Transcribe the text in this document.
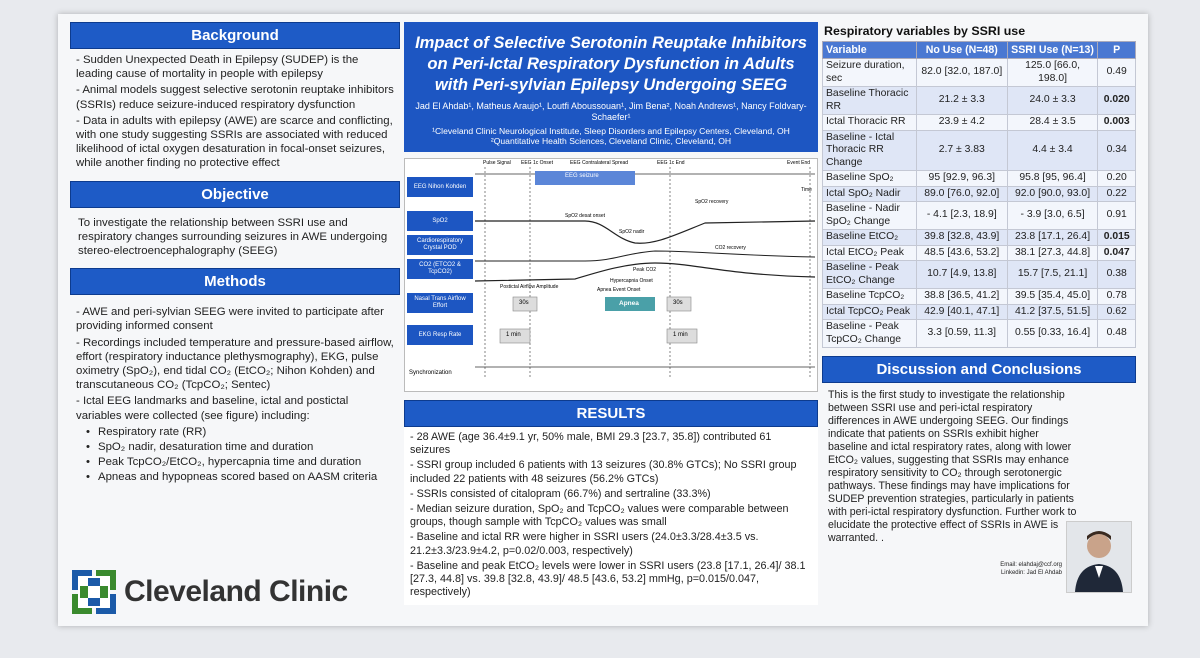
Background

- Sudden Unexpected Death in Epilepsy (SUDEP) is the leading cause of mortality in people with epilepsy

- Animal models suggest selective serotonin reuptake inhibitors (SSRIs) reduce seizure-induced respiratory dysfunction

- Data in adults with epilepsy (AWE) are scarce and conflicting, with one study suggesting SSRIs are associated with reduced likelihood of ictal oxygen desaturation in focal-onset seizures, while another finding no protective effect

Objective
To investigate the relationship between SSRI use and respiratory changes surrounding seizures in AWE undergoing stereo-electroencephalography (SEEG)
Methods

- AWE and peri-sylvian SEEG were invited to participate after providing informed consent

- Recordings included temperature and pressure-based airflow, effort (respiratory inductance plethysmography), EKG, pulse oximetry (SpO₂), end tidal CO₂ (EtCO₂; Nihon Kohden) and transcutaneous CO₂ (TcpCO₂; Sentec)

- Ictal EEG landmarks and baseline, ictal and postictal variables were collected (see figure) including:

• Respiratory rate (RR)
• SpO₂ nadir, desaturation time and duration
• Peak TcpCO₂/EtCO₂, hypercapnia time and duration
• Apneas and hypopneas scored based on AASM criteria
Cleveland Clinic
Impact of Selective Serotonin Reuptake Inhibitors on Peri-Ictal Respiratory Dysfunction in Adults with Peri-sylvian Epilepsy Undergoing SEEG
Jad El Ahdab¹, Matheus Araujo¹, Loutfi Aboussouan¹, Jim Bena², Noah Andrews¹, Nancy Foldvary-Schaefer¹
¹Cleveland Clinic Neurological Institute, Sleep Disorders and Epilepsy Centers, Cleveland, OH
²Quantitative Health Sciences, Cleveland Clinic, Cleveland, OH
EEG Nihon Kohden
SpO2
Cardiorespiratory Crystal POD
CO2 (ETCO2 & TcpCO2)
Nasal Trans Airflow Effort
EKG Resp Rate
Pulse Signal EEG 1c Onset	EEG Contralateral Spread	EEG 1c End	Event End
EEG seizure
Apnea
30s	30s
1 min	1 min
SpO2 recovery
SpO2 desat onset
SpO2 nadir
Peak CO2
CO2 recovery
Hypercapnia Onset
Apnea Event Onset
Postictal Airflow Amplitude
Synchronization
Time
RESULTS

- 28 AWE (age 36.4±9.1 yr, 50% male, BMI 29.3 [23.7, 35.8]) contributed 61 seizures

- SSRI group included 6 patients with 13 seizures (30.8% GTCs); No SSRI group included 22 patients with 48 seizures (56.2% GTCs)

- SSRIs consisted of citalopram (66.7%) and sertraline (33.3%)

- Median seizure duration, SpO₂ and TcpCO₂ values were comparable between groups, though sample with TcpCO₂ values was small

- Baseline and ictal RR were higher in SSRI users (24.0±3.3/28.4±3.5 vs. 21.2±3.3/23.9±4.2, p=0.02/0.003, respectively)

- Baseline and peak EtCO₂ levels were lower in SSRI users (23.8 [17.1, 26.4]/ 38.1 [27.3, 44.8] vs. 39.8 [32.8, 43.9]/ 48.5 [43.6, 53.2] mmHg, p=0.015/0.047, respectively)

Respiratory variables by SSRI use
Variable	No Use (N=48)	SSRI Use (N=13)	P
Seizure duration, sec	82.0 [32.0, 187.0]	125.0 [66.0, 198.0]	0.49
Baseline Thoracic RR	21.2 ± 3.3	24.0 ± 3.3	0.020
Ictal Thoracic RR	23.9 ± 4.2	28.4 ± 3.5	0.003
Baseline - Ictal Thoracic RR Change	2.7 ± 3.83	4.4 ± 3.4	0.34
Baseline SpO₂	95 [92.9, 96.3]	95.8 [95, 96.4]	0.20
Ictal SpO₂ Nadir	89.0 [76.0, 92.0]	92.0 [90.0, 93.0]	0.22
Baseline - Nadir SpO₂ Change	- 4.1 [2.3, 18.9]	- 3.9 [3.0, 6.5]	0.91
Baseline EtCO₂	39.8 [32.8, 43.9]	23.8 [17.1, 26.4]	0.015
Ictal EtCO₂ Peak	48.5 [43.6, 53.2]	38.1 [27.3, 44.8]	0.047
Baseline - Peak EtCO₂ Change	10.7 [4.9, 13.8]	15.7 [7.5, 21.1]	0.38
Baseline TcpCO₂	38.8 [36.5, 41.2]	39.5 [35.4, 45.0]	0.78
Ictal TcpCO₂ Peak	42.9 [40.1, 47.1]	41.2 [37.5, 51.5]	0.62
Baseline - Peak TcpCO₂ Change	3.3 [0.59, 11.3]	0.55 [0.33, 16.4]	0.48
Discussion and Conclusions
This is the first study to investigate the relationship between SSRI use and peri-ictal respiratory differences in AWE undergoing SEEG. Our findings indicate that patients on SSRIs exhibit higher baseline and ictal respiratory rates, along with lower EtCO₂ values, suggesting that SSRIs may enhance respiratory sensitivity to CO₂ through serotonergic pathways. These findings may have implications for SUDEP prevention strategies, particularly in patients with peri-ictal respiratory dysfunction. Further work to elucidate the protective effect of SSRIs in AWE is warranted. .
Email: elahdaj@ccf.org
Linkedin: Jad El Ahdab
